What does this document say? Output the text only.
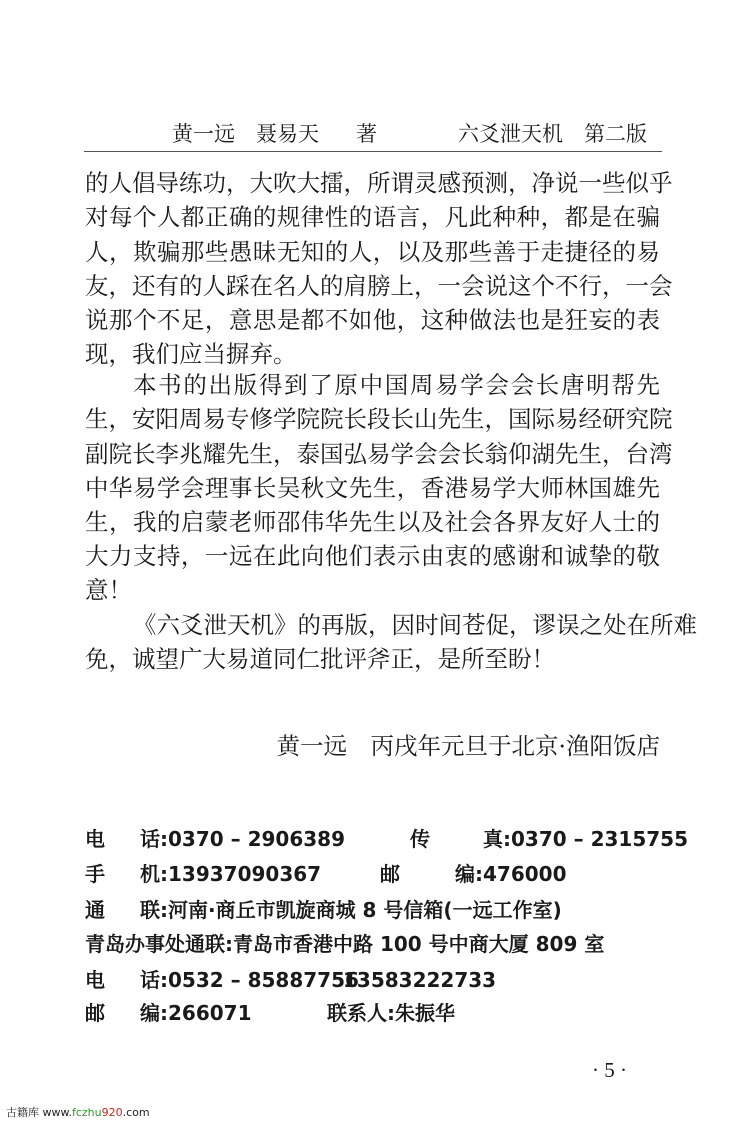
黄一远　聂易天 著	六爻泄天机　第二版
的人倡导练功，大吹大擂，所谓灵感预测，净说一些似乎
对每个人都正确的规律性的语言，凡此种种，都是在骗
人，欺骗那些愚昧无知的人，以及那些善于走捷径的易
友，还有的人踩在名人的肩膀上，一会说这个不行，一会
说那个不足，意思是都不如他，这种做法也是狂妄的表
现，我们应当摒弃。
本书的出版得到了原中国周易学会会长唐明帮先
生，安阳周易专修学院院长段长山先生，国际易经研究院
副院长李兆耀先生，泰国弘易学会会长翁仰湖先生，台湾
中华易学会理事长吴秋文先生，香港易学大师林国雄先
生，我的启蒙老师邵伟华先生以及社会各界友好人士的
大力支持，一远在此向他们表示由衷的感谢和诚挚的敬
意！
《六爻泄天机》的再版，因时间苍促，谬误之处在所难
免，诚望广大易道同仁批评斧正，是所至盼！
黄一远　丙戌年元旦于北京·渔阳饭店
电 话:0370 – 2906389	传	真:0370 – 2315755
手 机:13937090367	邮	编:476000
通 联:河南·商丘市凯旋商城 8 号信箱(一远工作室)
青岛办事处通联:青岛市香港中路 100 号中商大厦 809 室
电 话:0532 – 85887756
13583222733
邮 编:266071	联系人:朱振华
· 5 ·
古籍库 www.fczhu920.com
